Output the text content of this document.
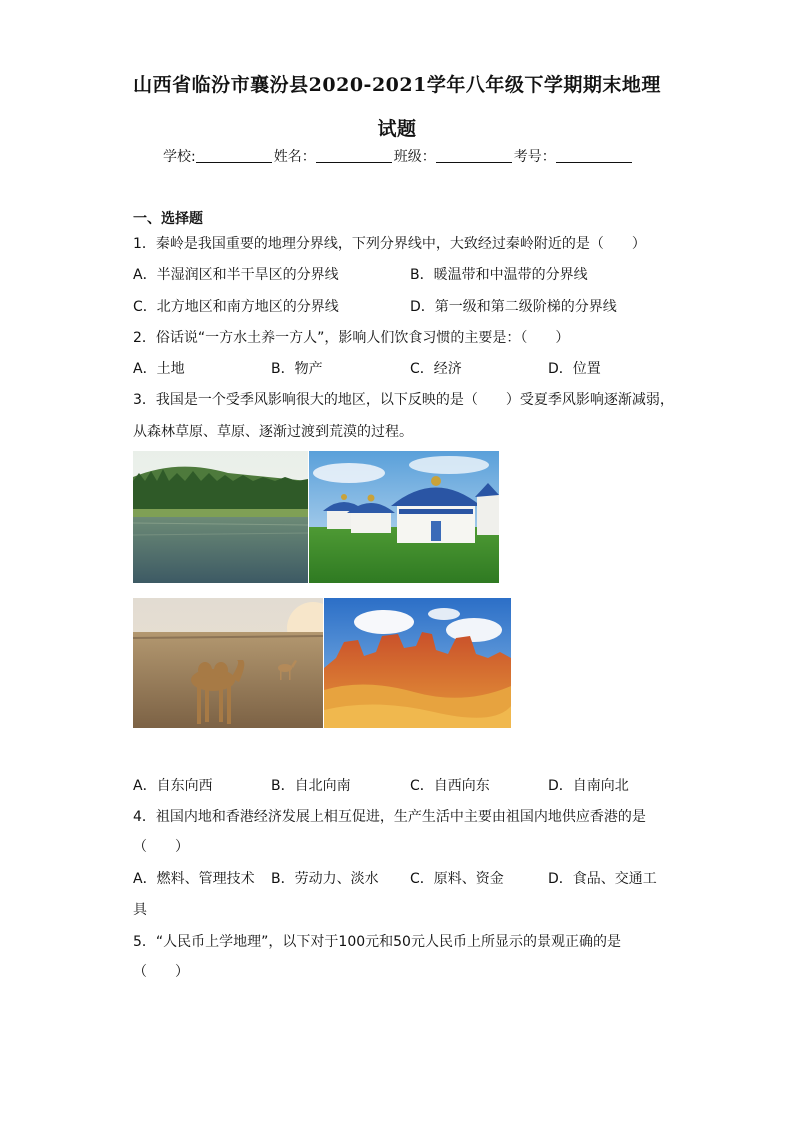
山西省临汾市襄汾县2020-2021学年八年级下学期期末地理
试题
学校:	姓名：	班级：	考号：
一、选择题
1．秦岭是我国重要的地理分界线，下列分界线中，大致经过秦岭附近的是（　　）
A．半湿润区和半干旱区的分界线	B．暖温带和中温带的分界线
C．北方地区和南方地区的分界线	D．第一级和第二级阶梯的分界线
2．俗话说“一方水土养一方人”，影响人们饮食习惯的主要是：（　　）
A．土地	B．物产	C．经济	D．位置
3．我国是一个受季风影响很大的地区，以下反映的是（　　）受夏季风影响逐渐减弱，
从森林草原、草原、逐渐过渡到荒漠的过程。
A．自东向西	B．自北向南	C．自西向东	D．自南向北
4．祖国内地和香港经济发展上相互促进，生产生活中主要由祖国内地供应香港的是
（　　）
A．燃料、管理技术 B．劳动力、淡水 C．原料、资金	D．食品、交通工
具
5．“人民币上学地理”，以下对于100元和50元人民币上所显示的景观正确的是
（　　）
